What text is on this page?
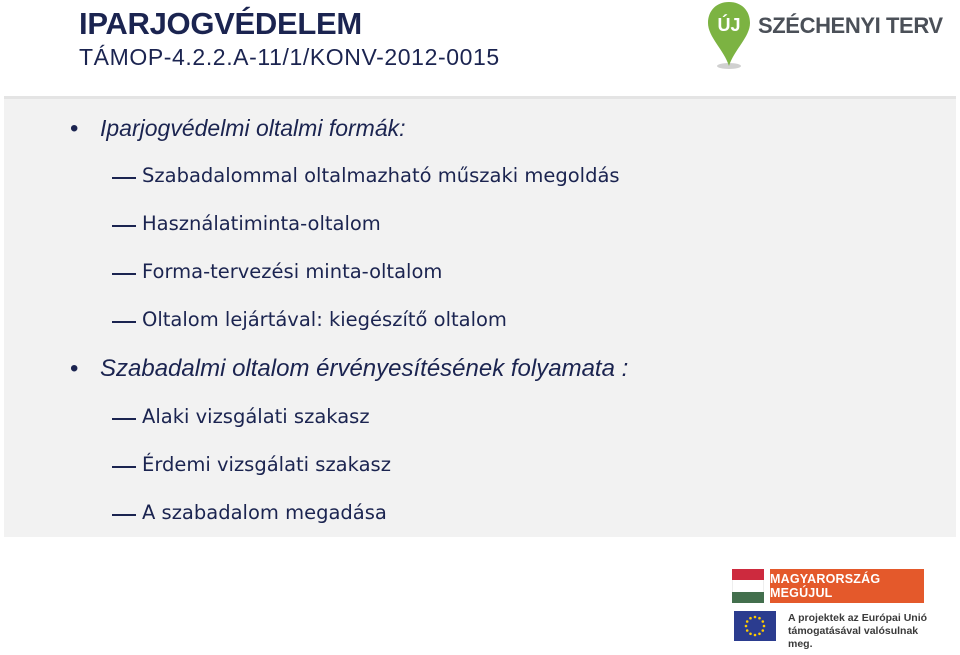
IPARJOGVÉDELEM
TÁMOP-4.2.2.A-11/1/KONV-2012-0015
ÚJ SZÉCHENYI TERV
• Iparjogvédelmi oltalmi formák:
Szabadalommal oltalmazható műszaki megoldás
Használatiminta-oltalom
Forma-tervezési minta-oltalom
Oltalom lejártával: kiegészítő oltalom
• Szabadalmi oltalom érvényesítésének folyamata :
Alaki vizsgálati szakasz
Érdemi vizsgálati szakasz
A szabadalom megadása
MAGYARORSZÁG MEGÚJUL
A projektek az Európai Unió
támogatásával valósulnak meg.
